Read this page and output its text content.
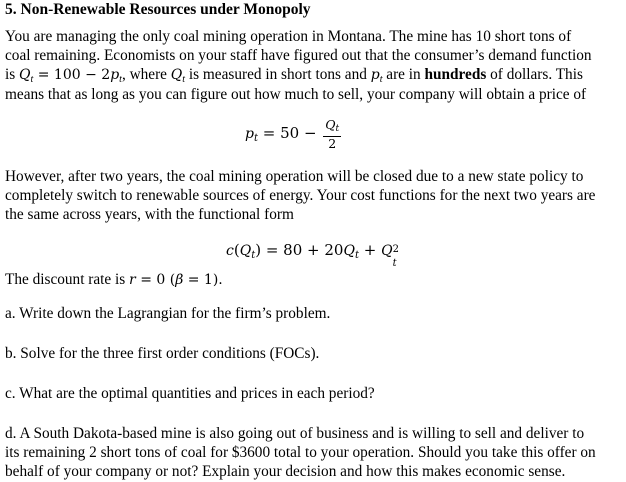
5. Non-Renewable Resources under Monopoly
You are managing the only coal mining operation in Montana. The mine has 10 short tons of
coal remaining. Economists on your staff have figured out that the consumer’s demand function
is $Q_t = 100 - 2p_t$, where $Q_t$ is measured in short tons and $p_t$ are in hundreds of dollars. This
means that as long as you can figure out how much to sell, your company will obtain a price of
$p_t = 50 - \frac{Q_t}{2}$
However, after two years, the coal mining operation will be closed due to a new state policy to
completely switch to renewable sources of energy. Your cost functions for the next two years are
the same across years, with the functional form
$c(Q_t) = 80 + 20Q_t + Q$ 2
t
The discount rate is r = 0 (β = 1).
a. Write down the Lagrangian for the firm’s problem.
b. Solve for the three first order conditions (FOCs).
c. What are the optimal quantities and prices in each period?
d. A South Dakota-based mine is also going out of business and is willing to sell and deliver to
its remaining 2 short tons of coal for $3600 total to your operation. Should you take this offer on
behalf of your company or not? Explain your decision and how this makes economic sense.
